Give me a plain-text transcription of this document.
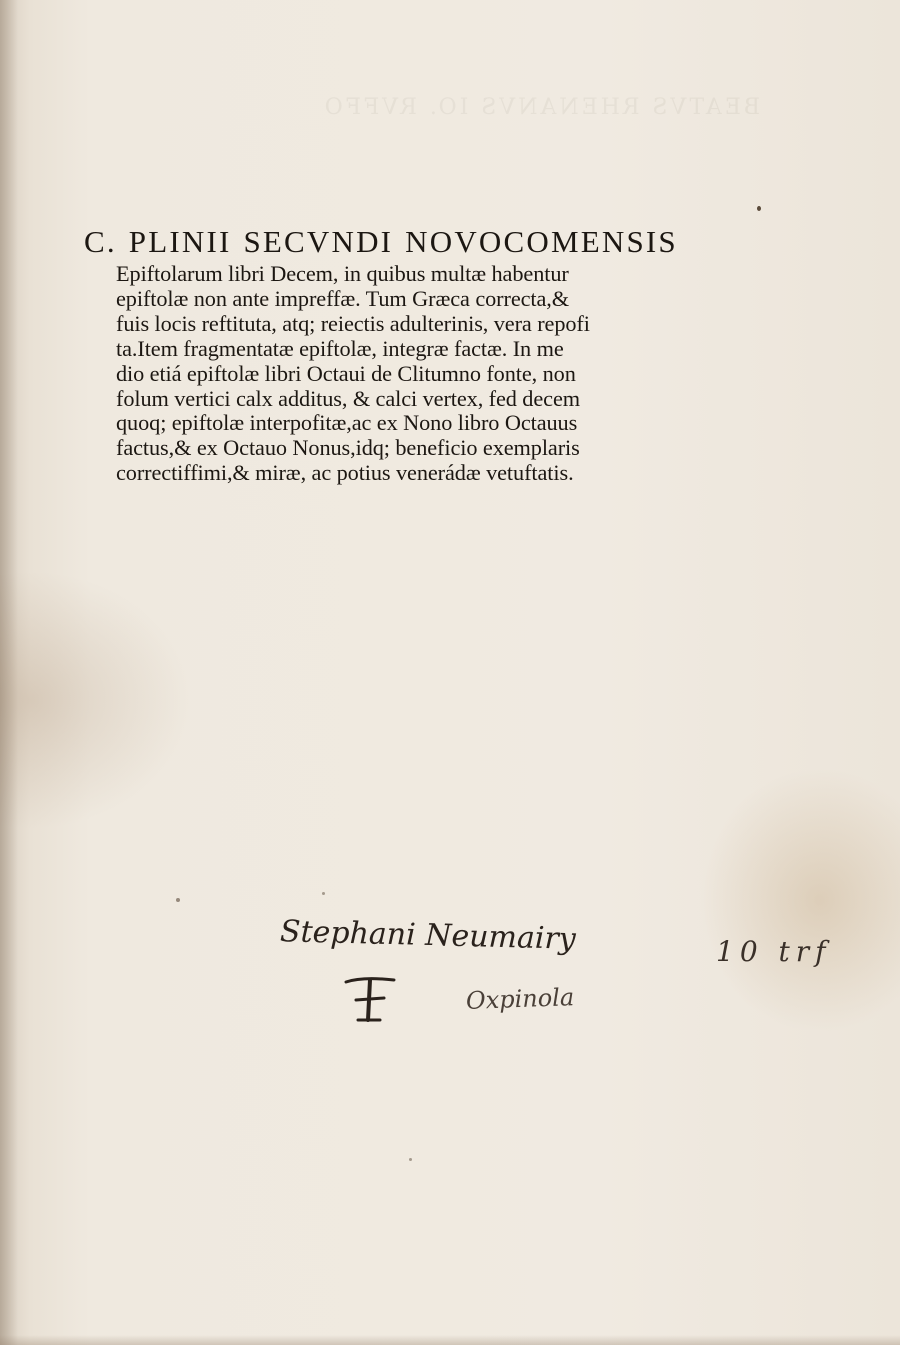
BEATVS RHENANVS IO. RVFFO
C. PLINII SECVNDI NOVOCOMENSIS
Epiftolarum libri Decem, in quibus multæ habentur
epiftolæ non ante impreffæ. Tum Græca correcta,&
fuis locis reftituta, atq; reiectis adulterinis, vera repofi
ta.Item fragmentatæ epiftolæ, integræ factæ. In me
dio etiá epiftolæ libri Octaui de Clitumno fonte, non
folum vertici calx additus, & calci vertex, fed decem
quoq; epiftolæ interpofitæ,ac ex Nono libro Octauus
factus,& ex Octauo Nonus,idq; beneficio exemplaris
correctiffimi,& miræ, ac potius venerádæ vetuftatis.
Stephani Neumairy
Oxpinola
10 trf
